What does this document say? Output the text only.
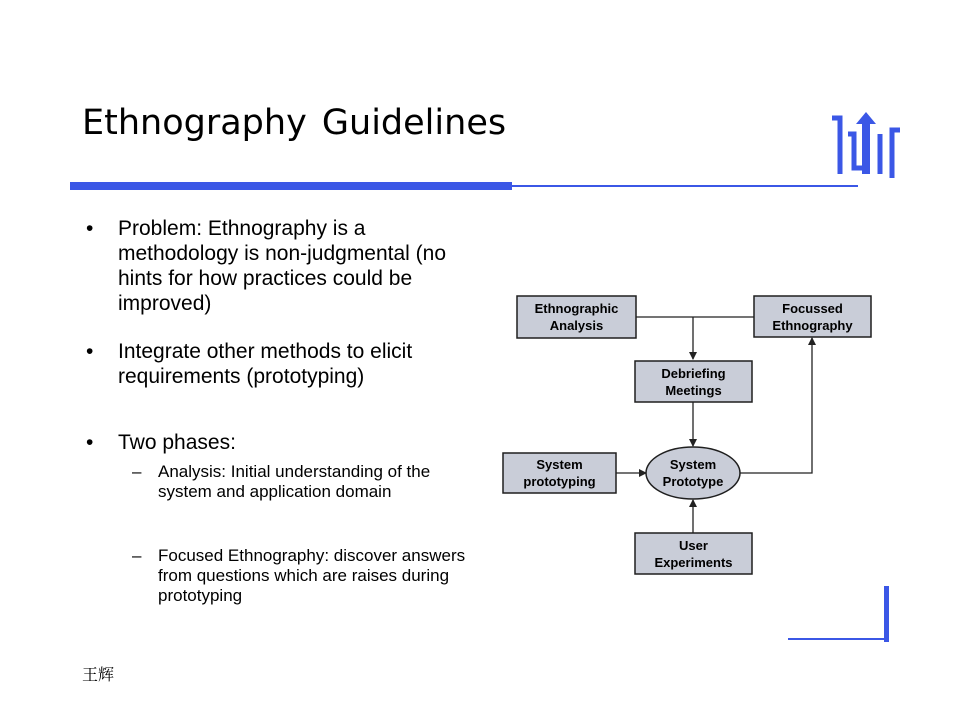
Ethnography Guidelines
• Problem: Ethnography is a methodology is non-judgmental (no hints for how practices could be improved)
• Integrate other methods to elicit requirements (prototyping)
• Two phases:
– Analysis: Initial understanding of the system and application domain
– Focused Ethnography: discover answers from questions which are raises during prototyping
Ethnographic
Analysis
Focussed
Ethnography
Debriefing
Meetings
System
prototyping
System
Prototype
User
Experiments
王辉
